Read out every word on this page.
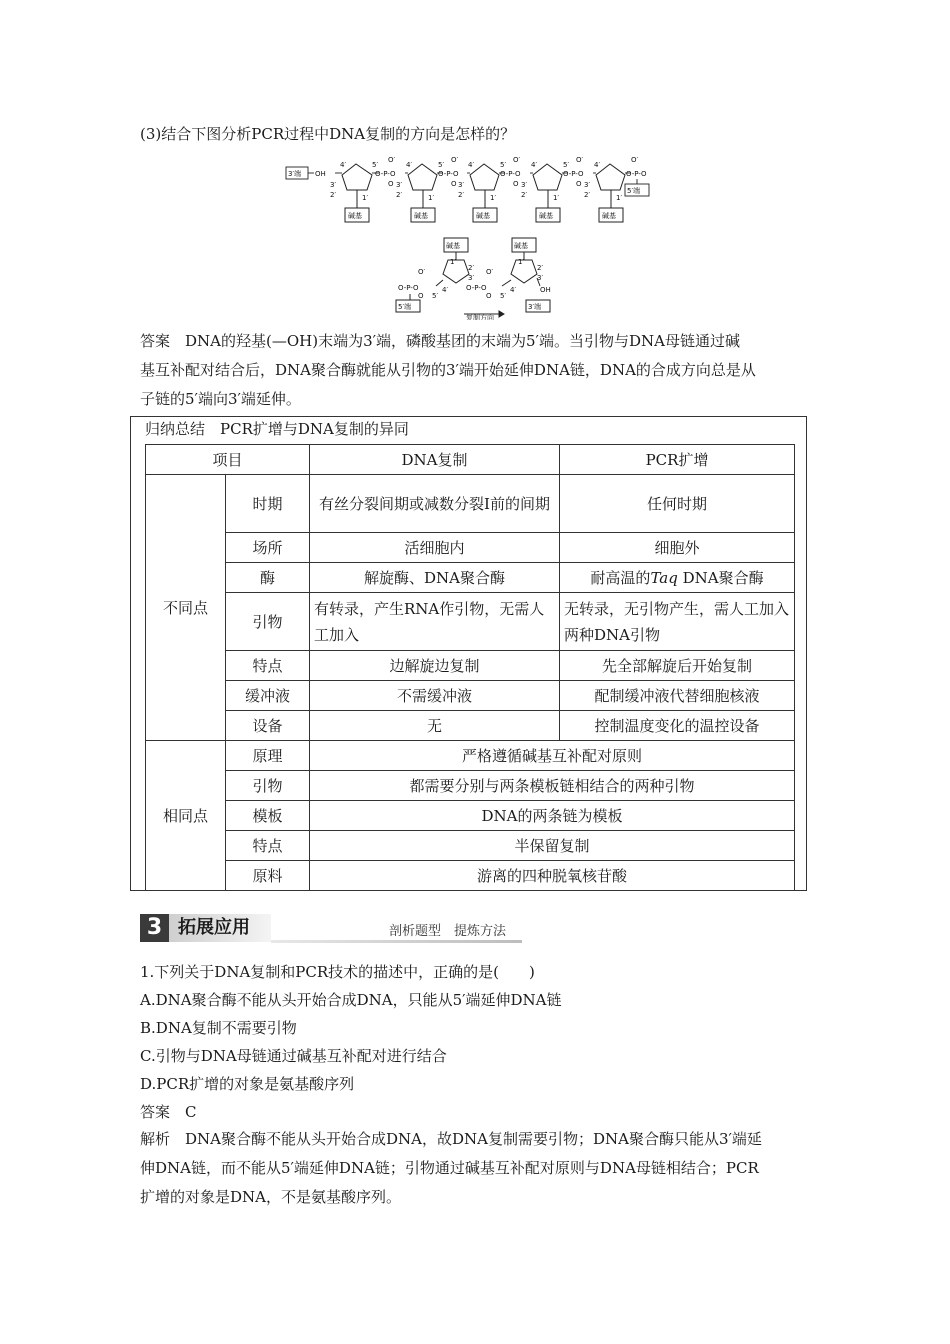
(3)结合下图分析PCR过程中DNA复制的方向是怎样的？
3′端
5′端
OH
碱基	碱基	碱基	碱基	碱基
O-P-O	O-P-O	O-P-O	O-P-O	O-P-O
O′	O′	O′	O′	O′
O	O	O	O
4′	4′	4′	4′	4′
5′	5′	5′	5′
3′	3′	3′	3′	3′
2′	2′	2′	2′	2′
1′	1′	1′	1′	1′
碱基	碱基
O-P-O	O-P-O
O′	O′
O	O
4′	4′
5′	5′
1′	1′
2′	2′
3′	3′
OH
5′端	3′端
复制方向
答案　DNA的羟基(—OH)末端为3′端，磷酸基团的末端为5′端。当引物与DNA母链通过碱
基互补配对结合后，DNA聚合酶就能从引物的3′端开始延伸DNA链，DNA的合成方向总是从
子链的5′端向3′端延伸。
归纳总结　PCR扩增与DNA复制的异同
项目		DNA复制	PCR扩增
不同点	时期	有丝分裂间期或减数分裂Ⅰ前的间期	任何时期
	场所	活细胞内	细胞外
	酶	解旋酶、DNA聚合酶	耐高温的Taq DNA聚合酶
	引物	有转录，产生RNA作引物，无需人工加入	无转录，无引物产生，需人工加入两种DNA引物
	特点	边解旋边复制	先全部解旋后开始复制
	缓冲液	不需缓冲液	配制缓冲液代替细胞核液
	设备	无	控制温度变化的温控设备
相同点	原理	严格遵循碱基互补配对原则	
	引物	都需要分别与两条模板链相结合的两种引物	
	模板	DNA的两条链为模板	
	特点	半保留复制	
	原料	游离的四种脱氧核苷酸	
3 拓展应用	剖析题型　提炼方法
1.下列关于DNA复制和PCR技术的描述中，正确的是(　　)
A.DNA聚合酶不能从头开始合成DNA，只能从5′端延伸DNA链
B.DNA复制不需要引物
C.引物与DNA母链通过碱基互补配对进行结合
D.PCR扩增的对象是氨基酸序列
答案　C
解析　DNA聚合酶不能从头开始合成DNA，故DNA复制需要引物；DNA聚合酶只能从3′端延
伸DNA链，而不能从5′端延伸DNA链；引物通过碱基互补配对原则与DNA母链相结合；PCR
扩增的对象是DNA，不是氨基酸序列。
